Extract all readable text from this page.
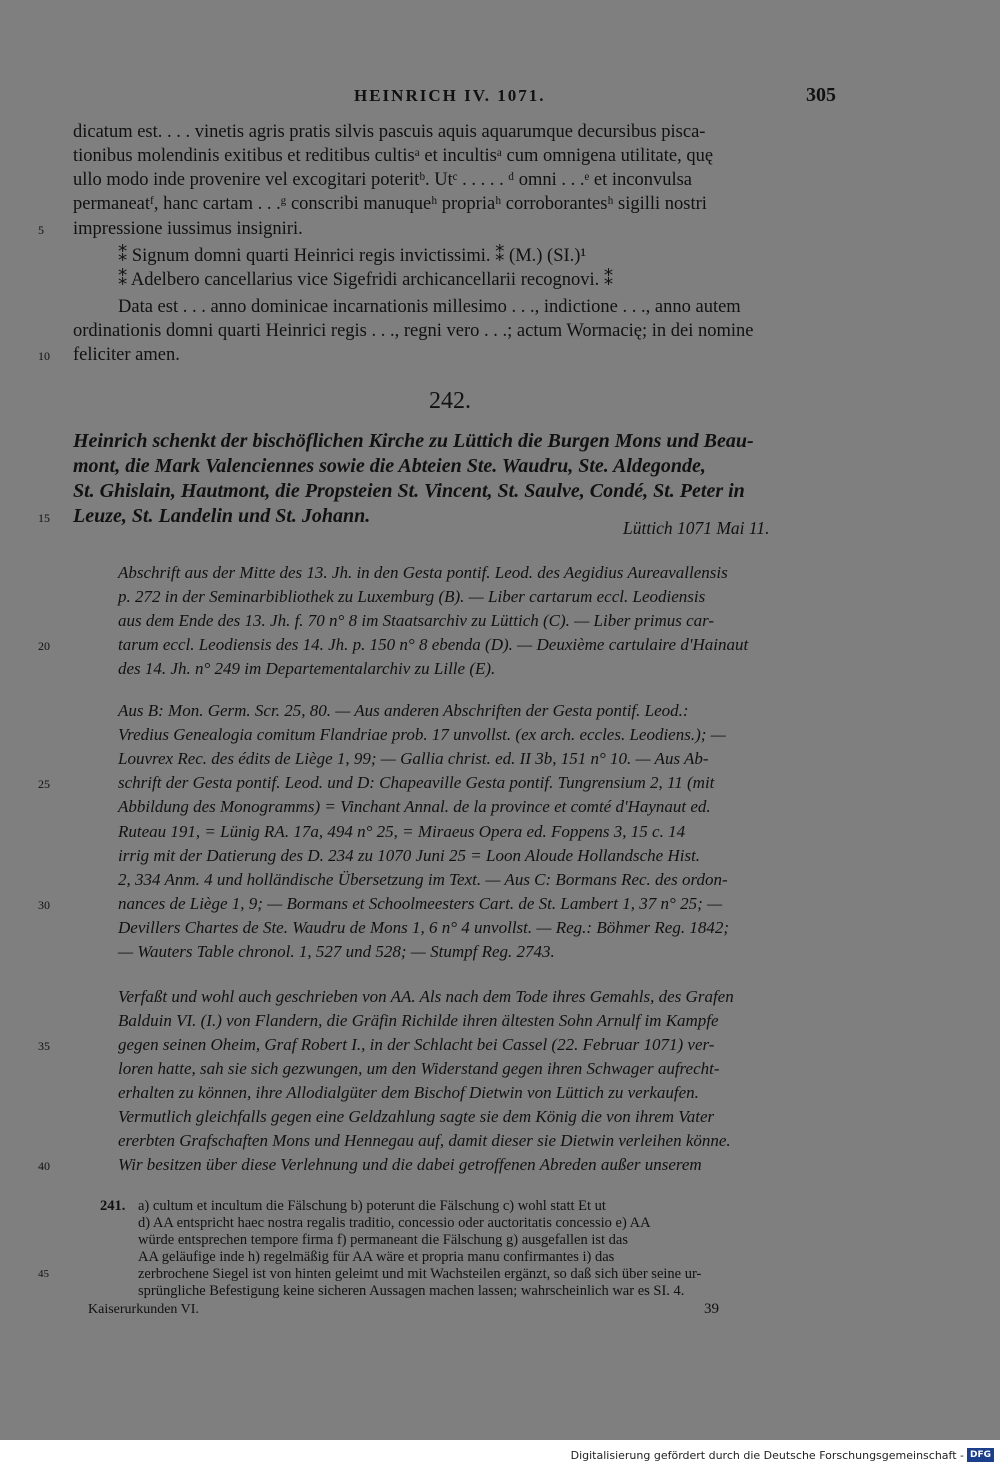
HEINRICH IV. 1071.	305
dicatum est. . . . vinetis agris pratis silvis pascuis aquis aquarumque decursibus pisca-
tionibus molendinis exitibus et reditibus cultisᵃ et incultisᵃ cum omnigena utilitate, quę
ullo modo inde provenire vel excogitari poteritᵇ. Utᶜ . . . . . ᵈ omni . . .ᵉ et inconvulsa
permaneatᶠ, hanc cartam . . .ᵍ conscribi manuqueʰ propriaʰ corroborantesʰ sigilli nostri
5	impressione iussimus insigniri.
⁑ Signum domni quarti Heinrici regis invictissimi. ⁑ (M.) (SI.)¹
⁑ Adelbero cancellarius vice Sigefridi archicancellarii recognovi. ⁑
Data est . . . anno dominicae incarnationis millesimo . . ., indictione . . ., anno autem
ordinationis domni quarti Heinrici regis . . ., regni vero . . .; actum Wormacię; in dei nomine
10	feliciter amen.
242.
Heinrich schenkt der bischöflichen Kirche zu Lüttich die Burgen Mons und Beau-
mont, die Mark Valenciennes sowie die Abteien Ste. Waudru, Ste. Aldegonde,
St. Ghislain, Hautmont, die Propsteien St. Vincent, St. Saulve, Condé, St. Peter in
15 Leuze, St. Landelin und St. Johann.
Lüttich 1071 Mai 11.
Abschrift aus der Mitte des 13. Jh. in den Gesta pontif. Leod. des Aegidius Aureavallensis
p. 272 in der Seminarbibliothek zu Luxemburg (B). — Liber cartarum eccl. Leodiensis
aus dem Ende des 13. Jh. f. 70 n° 8 im Staatsarchiv zu Lüttich (C). — Liber primus car-
20	tarum eccl. Leodiensis des 14. Jh. p. 150 n° 8 ebenda (D). — Deuxième cartulaire d'Hainaut
des 14. Jh. n° 249 im Departementalarchiv zu Lille (E).
Aus B: Mon. Germ. Scr. 25, 80. — Aus anderen Abschriften der Gesta pontif. Leod.:
Vredius Genealogia comitum Flandriae prob. 17 unvollst. (ex arch. eccles. Leodiens.); —
Louvrex Rec. des édits de Liège 1, 99; — Gallia christ. ed. II 3b, 151 n° 10. — Aus Ab-
25	schrift der Gesta pontif. Leod. und D: Chapeaville Gesta pontif. Tungrensium 2, 11 (mit
Abbildung des Monogramms) = Vinchant Annal. de la province et comté d'Haynaut ed.
Ruteau 191, = Lünig RA. 17a, 494 n° 25, = Miraeus Opera ed. Foppens 3, 15 c. 14
irrig mit der Datierung des D. 234 zu 1070 Juni 25 = Loon Aloude Hollandsche Hist.
2, 334 Anm. 4 und holländische Übersetzung im Text. — Aus C: Bormans Rec. des ordon-
30	nances de Liège 1, 9; — Bormans et Schoolmeesters Cart. de St. Lambert 1, 37 n° 25; —
Devillers Chartes de Ste. Waudru de Mons 1, 6 n° 4 unvollst. — Reg.: Böhmer Reg. 1842;
— Wauters Table chronol. 1, 527 und 528; — Stumpf Reg. 2743.
Verfaßt und wohl auch geschrieben von AA. Als nach dem Tode ihres Gemahls, des Grafen
Balduin VI. (I.) von Flandern, die Gräfin Richilde ihren ältesten Sohn Arnulf im Kampfe
35	gegen seinen Oheim, Graf Robert I., in der Schlacht bei Cassel (22. Februar 1071) ver-
loren hatte, sah sie sich gezwungen, um den Widerstand gegen ihren Schwager aufrecht-
erhalten zu können, ihre Allodialgüter dem Bischof Dietwin von Lüttich zu verkaufen.
Vermutlich gleichfalls gegen eine Geldzahlung sagte sie dem König die von ihrem Vater
ererbten Grafschaften Mons und Hennegau auf, damit dieser sie Dietwin verleihen könne.
40	Wir besitzen über diese Verlehnung und die dabei getroffenen Abreden außer unserem
241. a) cultum et incultum die Fälschung b) poterunt die Fälschung c) wohl statt Et ut
d) AA entspricht haec nostra regalis traditio, concessio oder auctoritatis concessio e) AA
würde entsprechen tempore firma f) permaneant die Fälschung g) ausgefallen ist das
AA geläufige inde h) regelmäßig für AA wäre et propria manu confirmantes i) das
45	zerbrochene Siegel ist von hinten geleimt und mit Wachsteilen ergänzt, so daß sich über seine ur-
sprüngliche Befestigung keine sicheren Aussagen machen lassen; wahrscheinlich war es SI. 4.
Kaiserurkunden VI.	39
Digitalisierung gefördert durch die Deutsche Forschungsgemeinschaft - DFG
